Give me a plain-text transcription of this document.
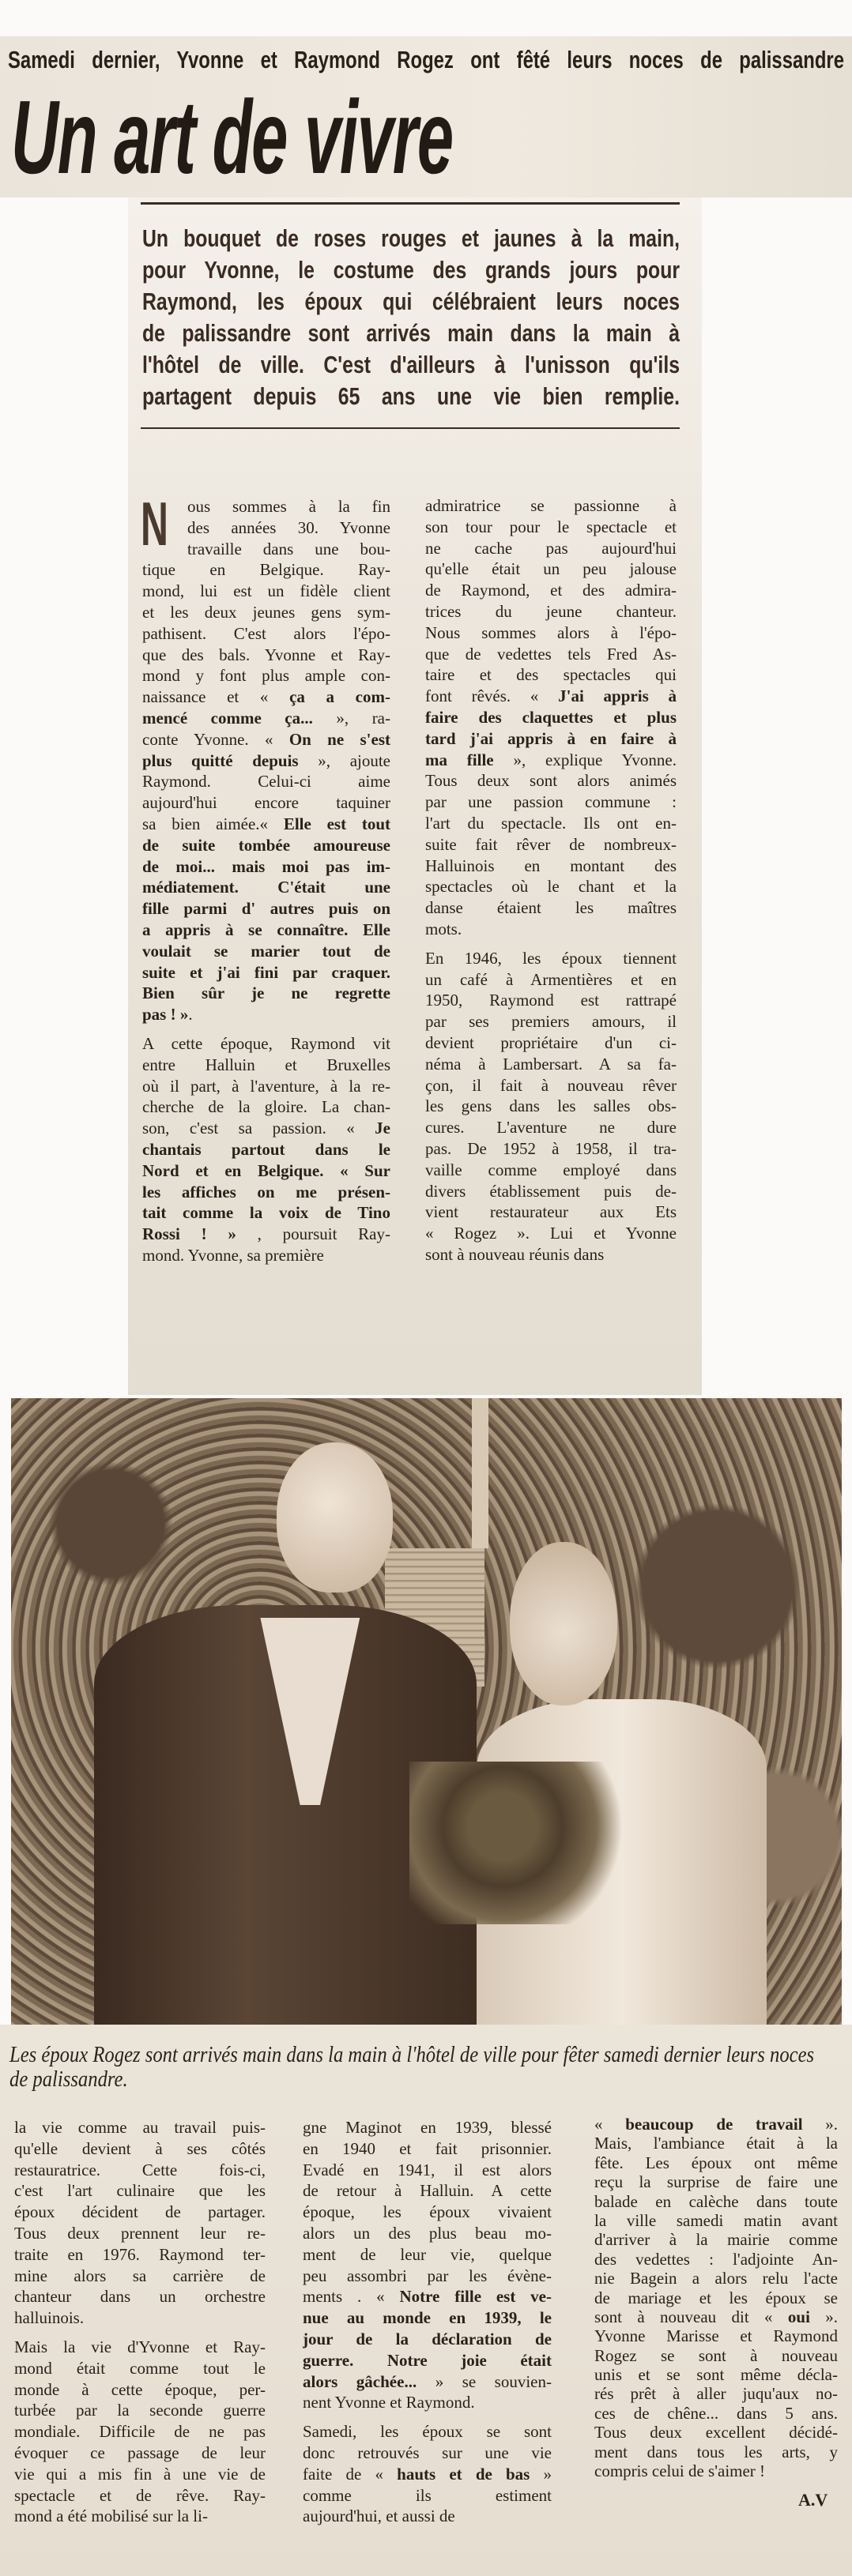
Samedi dernier, Yvonne et Raymond Rogez ont fêté leurs noces de palissandre
Un art de vivre
Un bouquet de roses rouges et jaunes à la main,
pour Yvonne, le costume des grands jours pour
Raymond, les époux qui célébraient leurs noces
de palissandre sont arrivés main dans la main à
l'hôtel de ville. C'est d'ailleurs à l'unisson qu'ils
partagent depuis 65 ans une vie bien remplie.
N	ous sommes à la fin
des années 30. Yvonne
travaille dans une bou-
tique en Belgique. Ray-
mond, lui est un fidèle client
et les deux jeunes gens sym-
pathisent. C'est alors l'épo-
que des bals. Yvonne et Ray-
mond y font plus ample con-
naissance et « ça a com-
mencé comme ça... », ra-
conte Yvonne. « On ne s'est
plus quitté depuis », ajoute
Raymond. Celui-ci aime
aujourd'hui encore taquiner
sa bien aimée.« Elle est tout
de suite tombée amoureuse
de moi... mais moi pas im-
médiatement. C'était une
fille parmi d' autres puis on
a appris à se connaître. Elle
voulait se marier tout de
suite et j'ai fini par craquer.
Bien sûr je ne regrette
pas ! ».
A cette époque, Raymond vit
entre Halluin et Bruxelles
où il part, à l'aventure, à la re-
cherche de la gloire. La chan-
son, c'est sa passion. « Je
chantais partout dans le
Nord et en Belgique. « Sur
les affiches on me présen-
tait comme la voix de Tino
Rossi ! » , poursuit Ray-
mond. Yvonne, sa première
admiratrice se passionne à
son tour pour le spectacle et
ne cache pas aujourd'hui
qu'elle était un peu jalouse
de Raymond, et des admira-
trices du jeune chanteur.
Nous sommes alors à l'épo-
que de vedettes tels Fred As-
taire et des spectacles qui
font rêvés. « J'ai appris à
faire des claquettes et plus
tard j'ai appris à en faire à
ma fille », explique Yvonne.
Tous deux sont alors animés
par une passion commune :
l'art du spectacle. Ils ont en-
suite fait rêver de nombreux-
Halluinois en montant des
spectacles où le chant et la
danse étaient les maîtres
mots.
En 1946, les époux tiennent
un café à Armentières et en
1950, Raymond est rattrapé
par ses premiers amours, il
devient propriétaire d'un ci-
néma à Lambersart. A sa fa-
çon, il fait à nouveau rêver
les gens dans les salles obs-
cures. L'aventure ne dure
pas. De 1952 à 1958, il tra-
vaille comme employé dans
divers établissement puis de-
vient restaurateur aux Ets
« Rogez ». Lui et Yvonne
sont à nouveau réunis dans
Les époux Rogez sont arrivés main dans la main à l'hôtel de ville pour fêter samedi dernier leurs noces de palissandre.
la vie comme au travail puis-
qu'elle devient à ses côtés
restauratrice. Cette fois-ci,
c'est l'art culinaire que les
époux décident de partager.
Tous deux prennent leur re-
traite en 1976. Raymond ter-
mine alors sa carrière de
chanteur dans un orchestre
halluinois.
Mais la vie d'Yvonne et Ray-
mond était comme tout le
monde à cette époque, per-
turbée par la seconde guerre
mondiale. Difficile de ne pas
évoquer ce passage de leur
vie qui a mis fin à une vie de
spectacle et de rêve. Ray-
mond a été mobilisé sur la li-
gne Maginot en 1939, blessé
en 1940 et fait prisonnier.
Evadé en 1941, il est alors
de retour à Halluin. A cette
époque, les époux vivaient
alors un des plus beau mo-
ment de leur vie, quelque
peu assombri par les évène-
ments . « Notre fille est ve-
nue au monde en 1939, le
jour de la déclaration de
guerre. Notre joie était
alors gâchée... » se souvien-
nent Yvonne et Raymond.
Samedi, les époux se sont
donc retrouvés sur une vie
faite de « hauts et de bas »
comme ils estiment
aujourd'hui, et aussi de
« beaucoup de travail ».
Mais, l'ambiance était à la
fête. Les époux ont même
reçu la surprise de faire une
balade en calèche dans toute
la ville samedi matin avant
d'arriver à la mairie comme
des vedettes : l'adjointe An-
nie Bagein a alors relu l'acte
de mariage et les époux se
sont à nouveau dit « oui ».
Yvonne Marisse et Raymond
Rogez se sont à nouveau
unis et se sont même décla-
rés prêt à aller juqu'aux no-
ces de chêne... dans 5 ans.
Tous deux excellent décidé-
ment dans tous les arts, y
compris celui de s'aimer !
A.V
